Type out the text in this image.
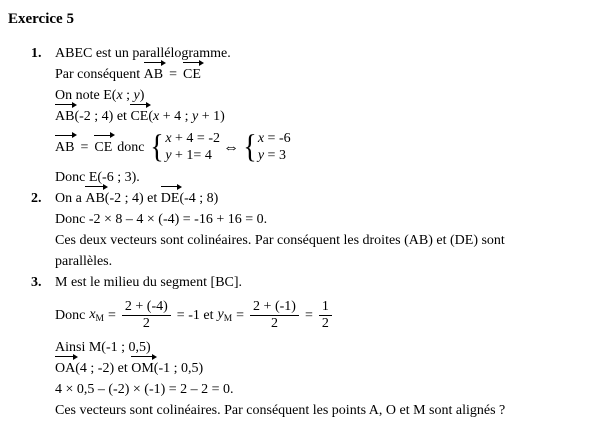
Exercice 5
1. ABEC est un parallélogramme.
Par conséquent AB = CE
On note E(x ; y)
AB(-2 ; 4) et CE(x + 4 ; y + 1)
AB = CE donc { x + 4 = -2
y + 1= 4 ⇔ { x = -6
y = 3
Donc E(-6 ; 3).
2. On a AB(-2 ; 4) et DE(-4 ; 8)
Donc -2 × 8 – 4 × (-4) = -16 + 16 = 0.
Ces deux vecteurs sont colinéaires. Par conséquent les droites (AB) et (DE) sont
parallèles.
3. M est le milieu du segment [BC].
Donc $x_M = \frac{2 + (-4)}{2} = -1$ et $y_M = \frac{2 + (-1)}{2} = \frac{1}{2}$
Ainsi M(-1 ; 0,5)
OA(4 ; -2) et OM(-1 ; 0,5)
4 × 0,5 – (-2) × (-1) = 2 – 2 = 0.
Ces vecteurs sont colinéaires. Par conséquent les points A, O et M sont alignés ?
